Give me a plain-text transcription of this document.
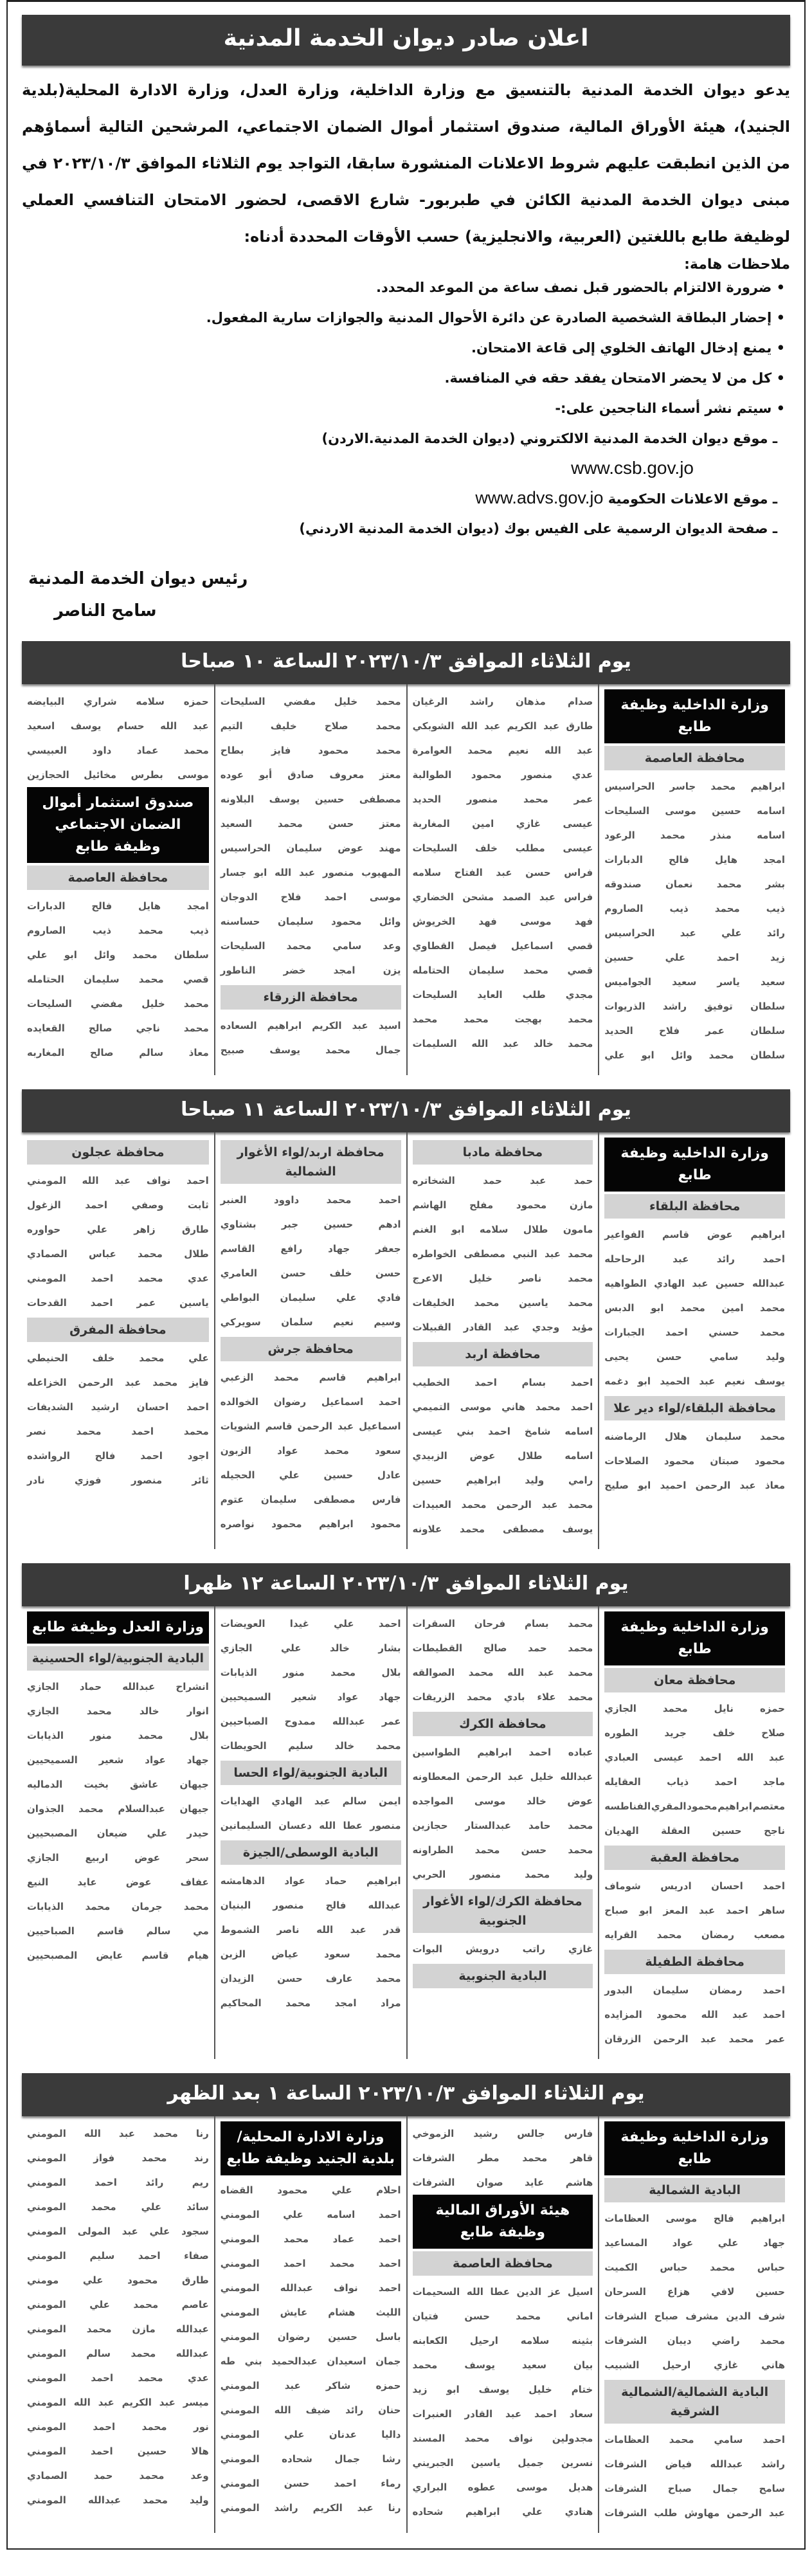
اعلان صادر ديوان الخدمة المدنية
يدعو ديوان الخدمة المدنية بالتنسيق مع وزارة الداخلية، وزارة العدل، وزارة الادارة المحلية(بلدية الجنيد)، هيئة الأوراق المالية، صندوق استثمار أموال الضمان الاجتماعي، المرشحين التالية أسماؤهم من الذين انطبقت عليهم شروط الاعلانات المنشورة سابقا، التواجد يوم الثلاثاء الموافق ٢٠٢٣/١٠/٣ في مبنى ديوان الخدمة المدنية الكائن في طبربور- شارع الاقصى، لحضور الامتحان التنافسي العملي لوظيفة طابع باللغتين (العربية، والانجليزية) حسب الأوقات المحددة أدناه:
ملاحظات هامة:
• ضرورة الالتزام بالحضور قبل نصف ساعة من الموعد المحدد.
• إحضار البطاقة الشخصية الصادرة عن دائرة الأحوال المدنية والجوازات سارية المفعول.
• يمنع إدخال الهاتف الخلوي إلى قاعة الامتحان.
• كل من لا يحضر الامتحان يفقد حقه في المنافسة.
• سيتم نشر أسماء الناجحين على:-
ـ موقع ديوان الخدمة المدنية الالكتروني (ديوان الخدمة المدنية.الاردن)
www.csb.gov.jo
ـ موقع الاعلانات الحكومية www.advs.gov.jo
ـ صفحة الديوان الرسمية على الفيس بوك (ديوان الخدمة المدنية الاردني)
رئيس ديوان الخدمة المدنية
سامح الناصر
يوم الثلاثاء الموافق ٢٠٢٣/١٠/٣ الساعة ١٠ صباحا
وزارة الداخلية وظيفة طابع
محافظة العاصمة
ابراهيم
محمد
جاسر
الحراسيس
اسامه
حسين
موسى
السليحات
اسامه
منذر
محمد
الرعود
امجد
هايل
فالح
الدبارات
بشر
محمد
نعمان
صندوقه
ذيب
محمد
ذيب
الصاروم
رائد
علي
عبد
الحراسيس
زيد
احمد
علي
حسين
سعيد
ياسر
سعيد
الجواميس
سلطان
توفيق
راشد
الذريوات
سلطان
عمر
فلاح
الحديد
سلطان
محمد
وائل
ابو
علي
صدام
مذهان
راشد
الرغيان
طارق
عبد
الكريم
عبد
الله
الشوبكي
عبد
الله
نعيم
محمد
العوامرة
عدي
منصور
محمود
الطوالبة
عمر
محمد
منصور
الحديد
عيسى
غازي
امين
المغاربة
عيسى
مطلب
خلف
السليحات
فراس
حسن
عبد
الفتاح
سلامه
فراس
عبد
الصمد
مشحن
الخضاري
فهد
موسى
فهد
الخريوش
قصي
اسماعيل
فيصل
القطاوي
قصي
محمد
سليمان
الحتامله
مجدي
طلب
العايد
السليحات
محمد
بهجت
محمد
محمد
محمد
خالد
عبد
الله
السليمات
محمد
خليل
مفضي
السليحات
محمد
صلاح
خليف
التيم
محمد
محمود
فايز
بطاح
معتز
معروف
صادق
أبو
عوده
مصطفى
حسين
يوسف
البلاونه
معتز
حسن
محمد
السعيد
مهند
عوض
سليمان
الحراسيس
المهيوب
منصور
عبد
الله
ابو
جسار
موسى
احمد
فلاح
الدوجان
وائل
محمود
سليمان
حساسنه
وعد
سامي
محمد
السليحات
يزن
امجد
خضر
الناطور
محافظة الزرقاء
اسيد
عبد
الكريم
ابراهيم
السعاده
جمال
محمد
يوسف
صبيح
حمزه
سلامه
شراري
البيايضه
عبد
الله
حسام
يوسف
اسعيد
محمد
عماد
داود
العبيسي
موسى
بطرس
مخائيل
الحجازين
صندوق استثمار أموال الضمان الاجتماعي وظيفة طابع
محافظة العاصمة
امجد
هايل
فالح
الدبارات
ذيب
محمد
ذيب
الصاروم
سلطان
محمد
وائل
ابو
علي
قصي
محمد
سليمان
الحتامله
محمد
خليل
مفضي
السليحات
محمد
ناجي
صالح
القعايده
معاذ
سالم
صالح
المغاربه
يوم الثلاثاء الموافق ٢٠٢٣/١٠/٣ الساعة ١١ صباحا
وزارة الداخلية وظيفة طابع
محافظة البلقاء
ابراهيم
عوض
قاسم
الفواعير
احمد
رائد
عبد
الرحاحله
عبدالله
حسين
عبد
الهادي
الطواهيه
محمد
امين
محمد
ابو
الدبس
محمد
حسني
احمد
الجبارات
وليد
سامي
حسن
يحيى
يوسف
نعيم
عبد
الحميد
ابو
دغمه
محافظة البلقاء/لواء دير علا
محمد
سليمان
هلال
الرماضنه
محمود
صبتان
محمود
الصلاحات
معاذ
عبد
الرحمن
احميد
ابو
صليح
محافظة مادبا
حمد
عبد
حمد
الشخاتره
مازن
محمود
مفلح
الهاشم
مامون
طلال
سلامه
ابو
الغنم
محمد
عبد
النبي
مصطفى
الخواطره
محمد
ناصر
خليل
الاعرج
محمد
ياسين
محمد
الخليفات
مؤيد
وجدي
عبد
القادر
القبيلات
محافظة اربد
احمد
بسام
احمد
الخطيب
احمد
محمد
هاني
موسى
التميمي
اسامه
شامخ
احمد
بني
عيسى
اسامه
طلال
عوض
الزبيدي
رامي
وليد
ابراهيم
حسين
محمد
عبد
الرحمن
محمد
العبيدات
يوسف
مصطفى
محمد
علاونه
محافظة اربد/لواء الأغوار الشمالية
احمد
محمد
داوود
العنبر
ادهم
حسين
جبر
بشتاوي
جعفر
جهاد
رافع
القاسم
حسن
خلف
حسن
العامري
فادي
علي
سليمان
البواطي
وسيم
نعيم
سلمان
سويركي
محافظة جرش
ابراهيم
قاسم
محمد
الزعبي
احمد
اسماعيل
رضوان
الخوالده
اسماعيل
عبد
الرحمن
قاسم
الشويات
سعود
محمد
عواد
الزبون
عادل
حسين
علي
الحجيله
فارس
مصطفى
سليمان
عتوم
محمود
ابراهيم
محمود
نواصره
محافظة عجلون
احمد
نواف
عبد
الله
المومني
ثابت
وصفي
احمد
الزغول
طارق
زاهر
علي
حواوره
طلال
محمد
عباس
الصمادي
عدي
محمد
احمد
المومني
ياسين
عمر
احمد
القدحات
محافظة المفرق
علي
محمد
خلف
الحنيطي
فايز
محمد
عبد
الرحمن
الخزاعله
احمد
احسان
ارشيد
الشديفات
محمد
احمد
محمد
نصر
اجود
احمد
فالح
الرواشده
ثائر
منصور
فوزي
نادر
يوم الثلاثاء الموافق ٢٠٢٣/١٠/٣ الساعة ١٢ ظهرا
وزارة الداخلية وظيفة طابع
محافظة معان
حمزه
نايل
محمد
الجازي
صلاح
خلف
جريد
الطوره
عبد
الله
احمد
عيسى
العبادي
ماجد
احمد
ذياب
العقايله
معتصم
ابراهيم
محمود
المقري
الفناطسه
ناجح
حسين
العقلة
الهديان
محافظة العقبة
احمد
احسان
ادريس
شوماف
ساهر
احمد
عبد
المعز
ابو
صباح
مصعب
رمضان
محمد
القرايه
محافظة الطفيلة
احمد
رمضان
سليمان
البدور
احمد
عبد
الله
محمود
المزايده
عمر
محمد
عبد
الرحمن
الزرقان
محمد
بسام
فرحان
السقرات
محمد
حمد
صالح
القطيطات
محمد
عبد
الله
محمد
الصوالقه
محمد
علاء
بادي
محمد
الزريقات
محافظة الكرك
عباده
احمد
ابراهيم
الطواسين
عبدالله
خليل
عبد
الرحمن
المعطاونه
عوض
خالد
موسى
المواجده
محمد
حامد
عبدالستار
حجازين
محمد
حسن
محمد
الطراونه
وليد
محمد
منصور
الحربي
محافظة الكرك/لواء الأغوار الجنوبية
غازي
راتب
درويش
البوات
البادية الجنوبية
احمد
علي
غيدا
العويضات
بشار
خالد
علي
الجازي
بلال
محمد
منور
الذيابات
جهاد
عواد
شعير
السميحيين
عمر
عبدالله
ممدوح
الصباحيين
محمد
خالد
سليم
الحويطات
البادية الجنوبية/لواء الحسا
ايمن
سالم
عبد
الهادي
الهدايات
منصور
عطا
الله
دعسان
السليمانين
البادية الوسطى/الجيزة
ابراهيم
حماد
عواد
الدهامشه
عبدالله
فالح
منصور
البنيان
قدر
عبد
الله
ناصر
الشموط
محمد
سعود
عياض
الزبن
محمد
عارف
حسن
الزيدان
مراد
امجد
محمد
المحاكيم
وزارة العدل وظيفة طابع
البادية الجنوبية/لواء الحسينية
انشراح
عبدالله
حماد
الجازي
انوار
خالد
محمد
الجازي
بلال
محمد
منور
الذيابات
جهاد
عواد
شعير
السميحيين
جيهان
عاشق
بخيت
الدماليه
جيهان
عبدالسلام
محمد
الجذوان
حيدر
علي
ضيعان
المصبحيين
سحر
عوض
اربيع
الجازي
عفاف
عوض
عايد
النيع
محمد
جرمان
محمد
الذيابات
مي
سالم
قاسم
الصباحيين
هيام
قاسم
عايض
المصبحيين
يوم الثلاثاء الموافق ٢٠٢٣/١٠/٣ الساعة ١ بعد الظهر
وزارة الداخلية وظيفة طابع
البادية الشمالية
ابراهيم
فالح
موسى
العظامات
جهاد
علي
عواد
المساعيد
حباس
محمد
حباس
الكميت
حسين
لافي
هزاع
السرحان
شرف
الدين
مشرف
صباح
الشرفات
محمد
راضي
ديبان
الشرفات
هاني
غازي
ارحيل
الشبيب
البادية الشمالية/الشمالية الشرقية
احمد
سامي
محمد
العظامات
راشد
عبدالله
فياض
الشرفات
سامح
جمال
صباح
الشرفات
عبد
الرحمن
مهاوش
طلب
الشرفات
فارس
جالس
رشيد
الزموخي
قاهر
محمد
مطر
الشرفات
هاشم
عايد
صوان
الشرفات
هيئة الأوراق المالية وظيفة طابع
محافظة العاصمة
اسيل
عز
الدين
عطا
الله
السحيمات
اماني
محمد
حسن
فتيان
بثينه
سلامه
ارحيل
الكعابنه
بيان
سعيد
يوسف
محمد
ختام
خليل
يوسف
ابو
زيد
سعاد
احمد
عبد
القادر
العنبرات
مجدولين
نواف
محمد
المسند
نسرين
جميل
ياسين
الجبريني
هديل
موسى
عطوه
البراري
هنادي
علي
ابراهيم
شحاده
وزارة الادارة المحلية/ بلدية الجنيد وظيفة طابع
احلام
علي
محمود
القضاه
احمد
اسامه
علي
المومني
احمد
عماد
محمد
المومني
احمد
محمد
احمد
المومني
احمد
نواف
عبدالله
المومني
الليث
هشام
عايش
المومني
باسل
حسين
رضوان
المومني
جمان
اسعيدان
عبدالحميد
بني
طه
حمزه
شاكر
عبد
المومني
حنان
رائد
ضيف
الله
المومني
داليا
عدنان
علي
المومني
رشا
جمال
شحاده
المومني
رماء
احمد
حسن
المومني
رنا
عبد
الكريم
راشد
المومني
رنا
محمد
عبد
الله
المومني
رند
محمد
فواز
المومني
ريم
رائد
احمد
المومني
سائد
علي
محمد
المومني
سجود
علي
عبد
المولى
المومني
صفاء
احمد
سليم
المومني
طارق
محمود
علي
مومني
عاصم
محمد
علي
المومني
عبدالله
مازن
محمد
المومني
عبدالله
محمد
سالم
المومني
عدي
محمد
احمد
المومني
ميسر
عبد
الكريم
عبد
الله
المومني
نور
محمد
احمد
المومني
هالا
حسين
احمد
المومني
وعد
محمد
حمد
الصمادي
وليد
محمد
عبدالله
المومني
